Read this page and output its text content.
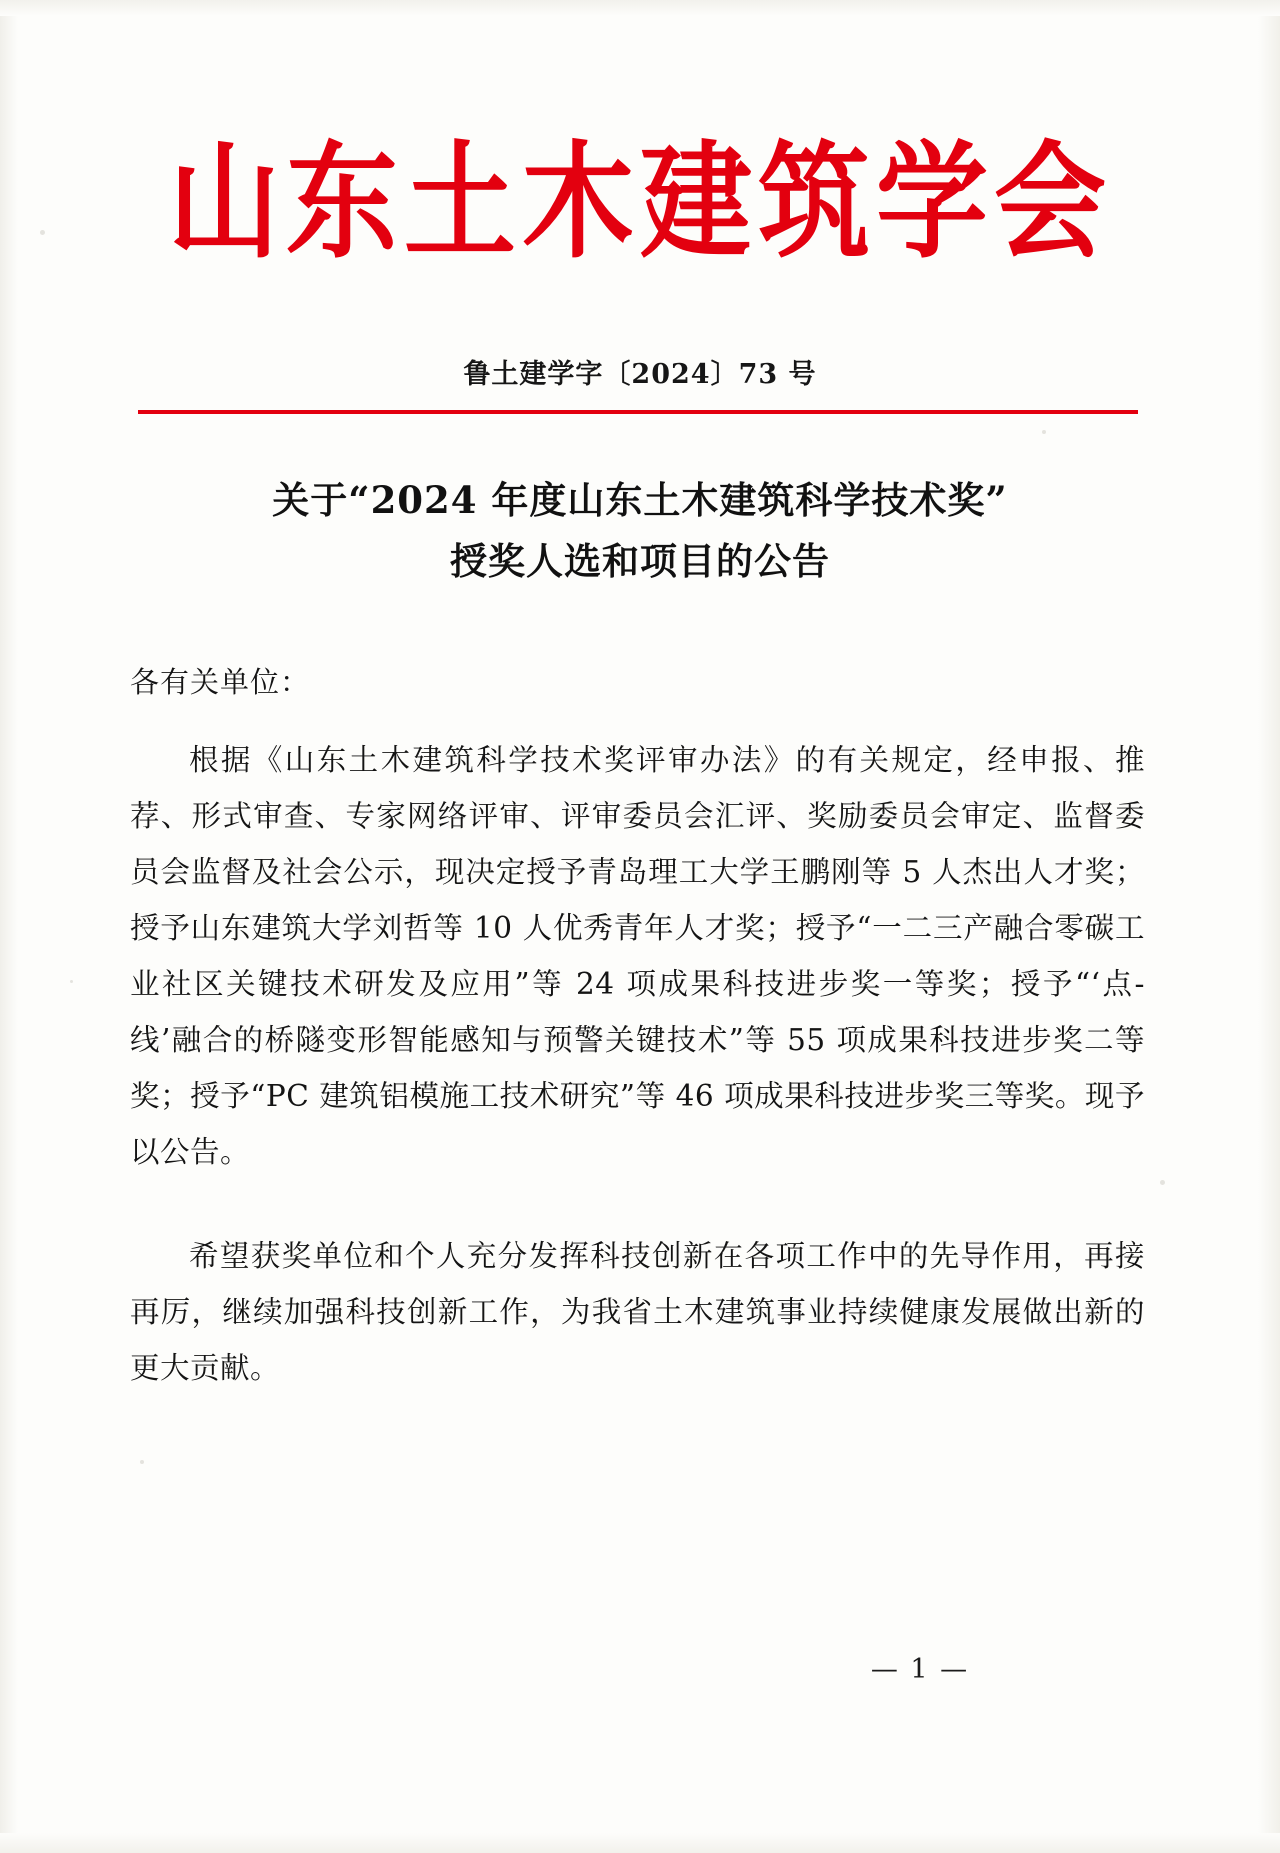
山东土木建筑学会
鲁土建学字〔2024〕73 号
关于“2024 年度山东土木建筑科学技术奖”
授奖人选和项目的公告
各有关单位：
根据《山东土木建筑科学技术奖评审办法》的有关规定，经申报、推荐、形式审查、专家网络评审、评审委员会汇评、奖励委员会审定、监督委员会监督及社会公示，现决定授予青岛理工大学王鹏刚等 5 人杰出人才奖；授予山东建筑大学刘哲等 10 人优秀青年人才奖；授予“一二三产融合零碳工业社区关键技术研发及应用”等 24 项成果科技进步奖一等奖；授予“‘点-线’融合的桥隧变形智能感知与预警关键技术”等 55 项成果科技进步奖二等奖；授予“PC 建筑铝模施工技术研究”等 46 项成果科技进步奖三等奖。现予以公告。
希望获奖单位和个人充分发挥科技创新在各项工作中的先导作用，再接再厉，继续加强科技创新工作，为我省土木建筑事业持续健康发展做出新的更大贡献。
— 1 —
